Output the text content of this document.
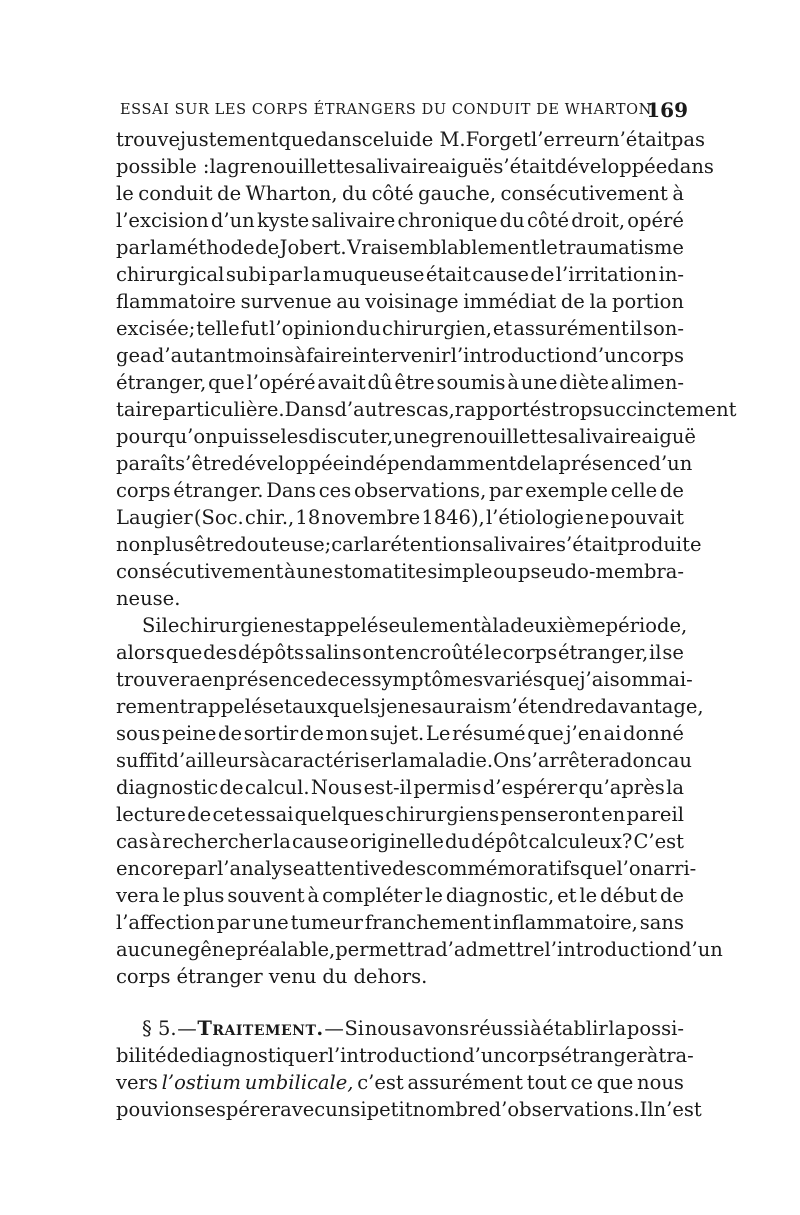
ESSAI SUR LES CORPS ÉTRANGERS DU CONDUIT DE WHARTON.
169
trouve justement que dans celui de M. Forget l’erreur n’était pas
possible : la grenouillette salivaire aiguë s’était développée dans
le conduit de Wharton, du côté gauche, consécutivement à
l’excision d’un kyste salivaire chronique du côté droit, opéré
par la méthode de Jobert. Vraisemblablement le traumatisme
chirurgical subi par la muqueuse était cause de l’irritation in-
flammatoire survenue au voisinage immédiat de la portion
excisée; telle fut l’opinion du chirurgien, et assurément il son-
gea d’autant moins à faire intervenir l’introduction d’un corps
étranger, que l’opéré avait dû être soumis à une diète alimen-
taire particulière. Dans d’autres cas, rapportés trop succinctement
pour qu’on puisse les discuter, une grenouillette salivaire aiguë
paraît s’être développée indépendamment de la présence d’un
corps étranger. Dans ces observations, par exemple celle de
Laugier (Soc. chir., 18 novembre 1846), l’étiologie ne pouvait
non plus être douteuse; car la rétention salivaire s’était produite
consécutivement à une stomatite simple ou pseudo-membra-
neuse.
Si le chirurgien est appelé seulement à la deuxième période,
alors que des dépôts salins ont encroûté le corps étranger, il se
trouvera en présence de ces symptômes variés que j’ai sommai-
rement rappelés et auxquels je ne saurais m’étendre davantage,
sous peine de sortir de mon sujet. Le résumé que j’en ai donné
suffit d’ailleurs à caractériser la maladie. On s’arrêtera donc au
diagnostic de calcul. Nous est-il permis d’espérer qu’après la
lecture de cet essai quelques chirurgiens penseront en pareil
cas à rechercher la cause originelle du dépôt calculeux? C’est
encore par l’analyse attentive des commémoratifs que l’on arri-
vera le plus souvent à compléter le diagnostic, et le début de
l’affection par une tumeur franchement inflammatoire, sans
aucune gêne préalable, permettra d’admettre l’introduction d’un
corps étranger venu du dehors.
§ 5. — Traitement. — Si nous avons réussi à établir la possi-
bilité de diagnostiquer l’introduction d’un corps étranger à tra-
vers l’ostium umbilicale, c’est assurément tout ce que nous
pouvions espérer avec un si petit nombre d’observations. Il n’est
